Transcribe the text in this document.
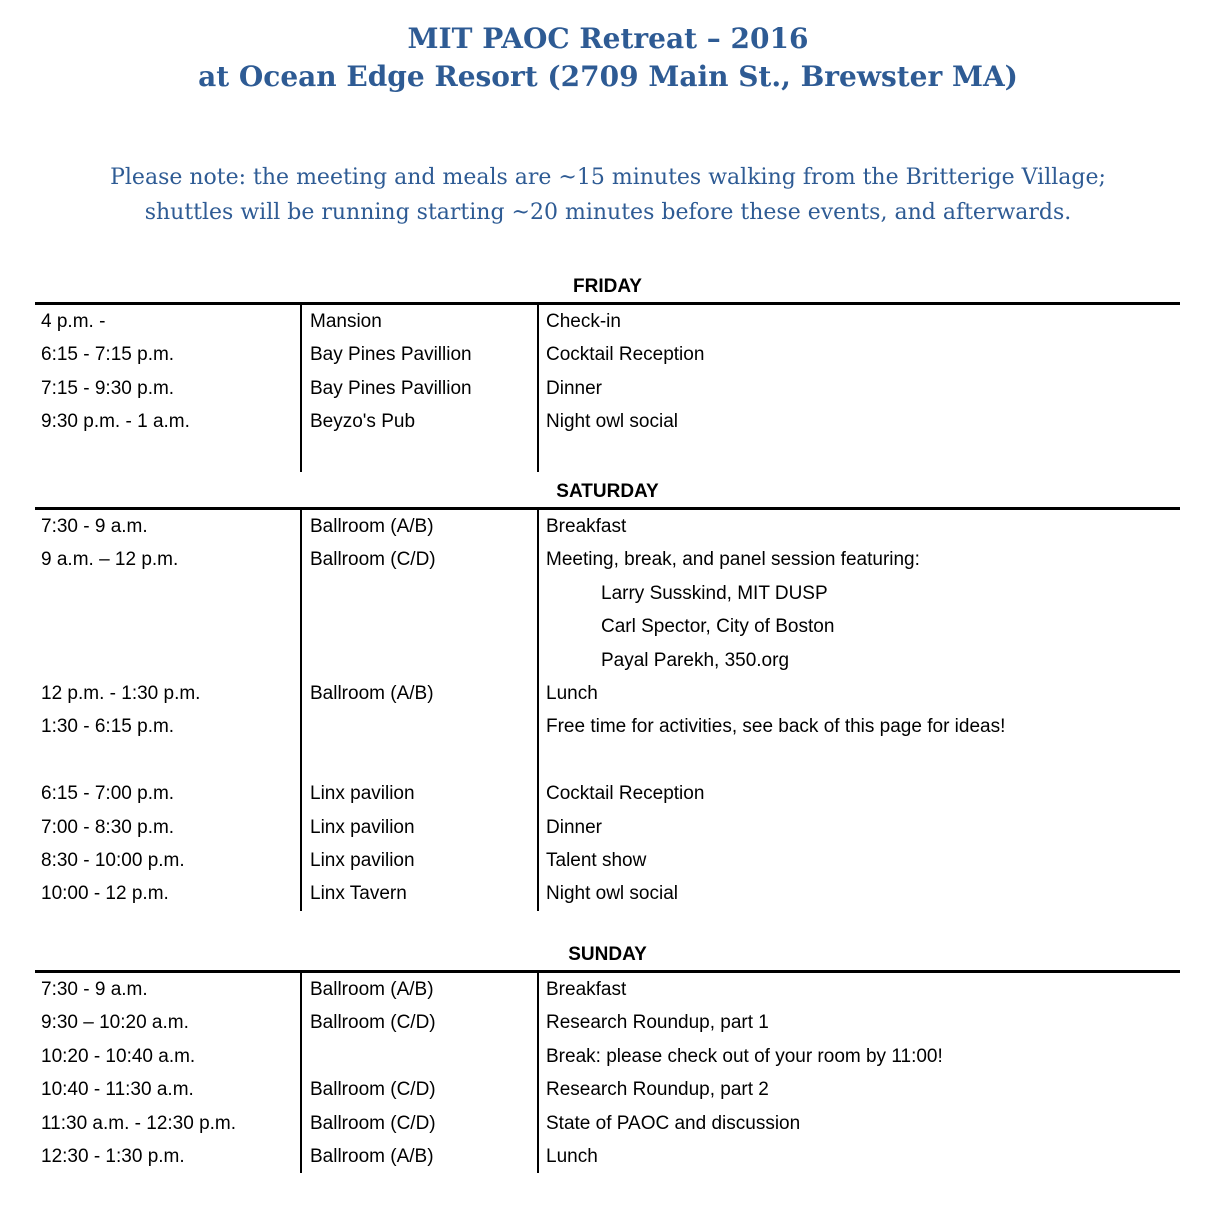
MIT PAOC Retreat – 2016
at Ocean Edge Resort (2709 Main St., Brewster MA)
Please note: the meeting and meals are ~15 minutes walking from the Britterige Village;
shuttles will be running starting ~20 minutes before these events, and afterwards.
FRIDAY
4 p.m. -	Mansion	Check-in
6:15 - 7:15 p.m.	Bay Pines Pavillion	Cocktail Reception
7:15 - 9:30 p.m.	Bay Pines Pavillion	Dinner
9:30 p.m. - 1 a.m.	Beyzo's Pub	Night owl social
SATURDAY
7:30 - 9 a.m.	Ballroom (A/B)	Breakfast
9 a.m. – 12 p.m.	Ballroom (C/D)	Meeting, break, and panel session featuring:
Larry Susskind, MIT DUSP
Carl Spector, City of Boston
Payal Parekh, 350.org
12 p.m. - 1:30 p.m.	Ballroom (A/B)	Lunch
1:30 - 6:15 p.m.	Free time for activities, see back of this page for ideas!
6:15 - 7:00 p.m.	Linx pavilion	Cocktail Reception
7:00 - 8:30 p.m.	Linx pavilion	Dinner
8:30 - 10:00 p.m.	Linx pavilion	Talent show
10:00 - 12 p.m.	Linx Tavern	Night owl social
SUNDAY
7:30 - 9 a.m.	Ballroom (A/B)	Breakfast
9:30 – 10:20 a.m.	Ballroom (C/D)	Research Roundup, part 1
10:20 - 10:40 a.m.	Break: please check out of your room by 11:00!
10:40 - 11:30 a.m.	Ballroom (C/D)	Research Roundup, part 2
11:30 a.m. - 12:30 p.m.	Ballroom (C/D)	State of PAOC and discussion
12:30 - 1:30 p.m.	Ballroom (A/B)	Lunch
